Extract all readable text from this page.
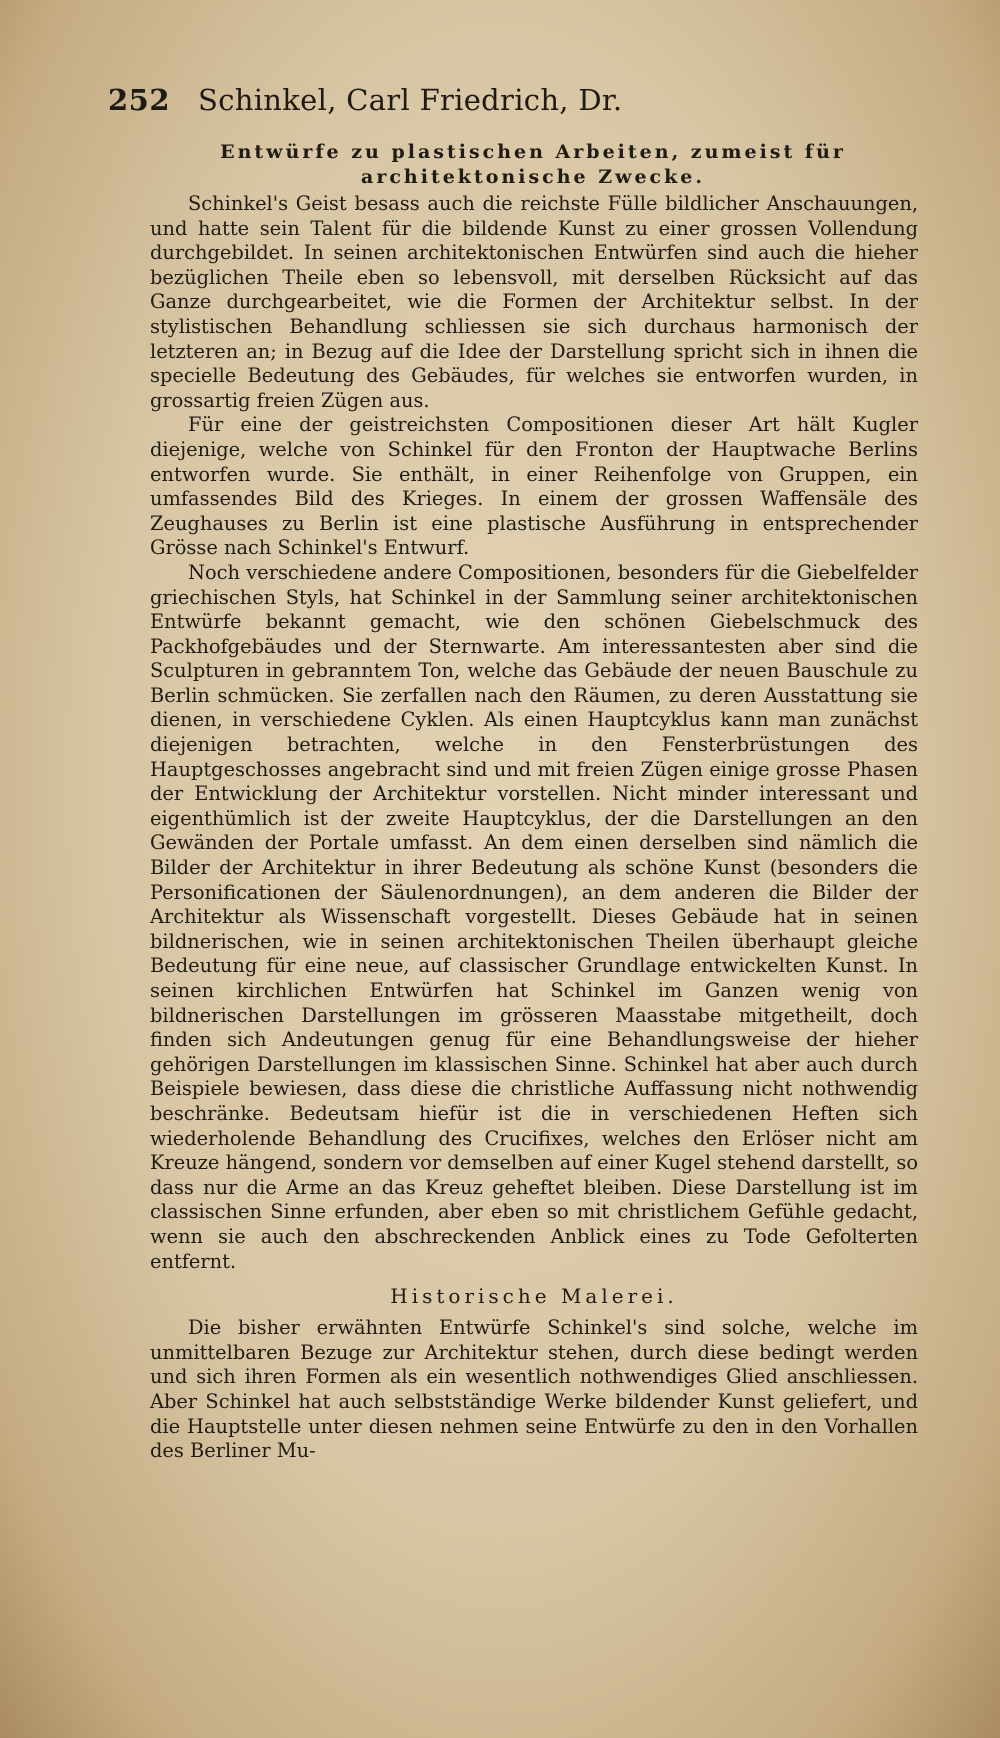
252 Schinkel, Carl Friedrich, Dr.
Entwürfe zu plastischen Arbeiten, zumeist für architektonische Zwecke.

Schinkel's Geist besass auch die reichste Fülle bildlicher Anschauungen, und hatte sein Talent für die bildende Kunst zu einer grossen Vollendung durchgebildet. In seinen architektonischen Entwürfen sind auch die hieher bezüglichen Theile eben so lebensvoll, mit derselben Rücksicht auf das Ganze durchgearbeitet, wie die Formen der Architektur selbst. In der stylistischen Behandlung schliessen sie sich durchaus harmonisch der letzteren an; in Bezug auf die Idee der Darstellung spricht sich in ihnen die specielle Bedeutung des Gebäudes, für welches sie entworfen wurden, in grossartig freien Zügen aus.

Für eine der geistreichsten Compositionen dieser Art hält Kugler diejenige, welche von Schinkel für den Fronton der Hauptwache Berlins entworfen wurde. Sie enthält, in einer Reihenfolge von Gruppen, ein umfassendes Bild des Krieges. In einem der grossen Waffensäle des Zeughauses zu Berlin ist eine plastische Ausführung in entsprechender Grösse nach Schinkel's Entwurf.

Noch verschiedene andere Compositionen, besonders für die Giebelfelder griechischen Styls, hat Schinkel in der Sammlung seiner architektonischen Entwürfe bekannt gemacht, wie den schönen Giebelschmuck des Packhofgebäudes und der Sternwarte. Am interessantesten aber sind die Sculpturen in gebranntem Ton, welche das Gebäude der neuen Bauschule zu Berlin schmücken. Sie zerfallen nach den Räumen, zu deren Ausstattung sie dienen, in verschiedene Cyklen. Als einen Hauptcyklus kann man zunächst diejenigen betrachten, welche in den Fensterbrüstungen des Hauptgeschosses angebracht sind und mit freien Zügen einige grosse Phasen der Entwicklung der Architektur vorstellen. Nicht minder interessant und eigenthümlich ist der zweite Hauptcyklus, der die Darstellungen an den Gewänden der Portale umfasst. An dem einen derselben sind nämlich die Bilder der Architektur in ihrer Bedeutung als schöne Kunst (besonders die Personificationen der Säulenordnungen), an dem anderen die Bilder der Architektur als Wissenschaft vorgestellt. Dieses Gebäude hat in seinen bildnerischen, wie in seinen architektonischen Theilen überhaupt gleiche Bedeutung für eine neue, auf classischer Grundlage entwickelten Kunst. In seinen kirchlichen Entwürfen hat Schinkel im Ganzen wenig von bildnerischen Darstellungen im grösseren Maasstabe mitgetheilt, doch finden sich Andeutungen genug für eine Behandlungsweise der hieher gehörigen Darstellungen im klassischen Sinne. Schinkel hat aber auch durch Beispiele bewiesen, dass diese die christliche Auffassung nicht nothwendig beschränke. Bedeutsam hiefür ist die in verschiedenen Heften sich wiederholende Behandlung des Crucifixes, welches den Erlöser nicht am Kreuze hängend, sondern vor demselben auf einer Kugel stehend darstellt, so dass nur die Arme an das Kreuz geheftet bleiben. Diese Darstellung ist im classischen Sinne erfunden, aber eben so mit christlichem Gefühle gedacht, wenn sie auch den abschreckenden Anblick eines zu Tode Gefolterten entfernt.

Historische Malerei.

Die bisher erwähnten Entwürfe Schinkel's sind solche, welche im unmittelbaren Bezuge zur Architektur stehen, durch diese bedingt werden und sich ihren Formen als ein wesentlich nothwendiges Glied anschliessen. Aber Schinkel hat auch selbstständige Werke bildender Kunst geliefert, und die Hauptstelle unter diesen nehmen seine Entwürfe zu den in den Vorhallen des Berliner Mu-
